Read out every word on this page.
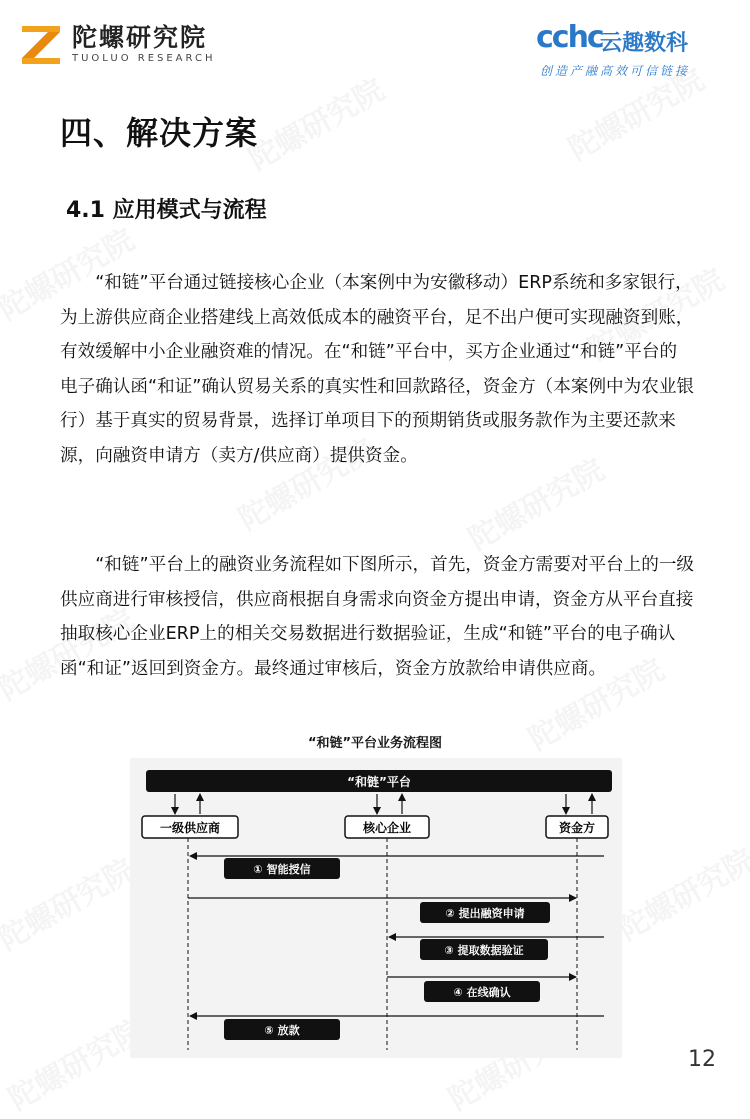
陀螺研究院
TUOLUO RESEARCH
cchc
云趣数科
创造产融高效可信链接
四、解决方案
4.1 应用模式与流程

“和链”平台通过链接核心企业（本案例中为安徽移动）ERP系统和多家银行，为上游供应商企业搭建线上高效低成本的融资平台，足不出户便可实现融资到账，有效缓解中小企业融资难的情况。在“和链”平台中，买方企业通过“和链”平台的电子确认函“和证”确认贸易关系的真实性和回款路径，资金方（本案例中为农业银行）基于真实的贸易背景，选择订单项目下的预期销货或服务款作为主要还款来源，向融资申请方（卖方/供应商）提供资金。

“和链”平台上的融资业务流程如下图所示，首先，资金方需要对平台上的一级供应商进行审核授信，供应商根据自身需求向资金方提出申请，资金方从平台直接抽取核心企业ERP上的相关交易数据进行数据验证，生成“和链”平台的电子确认函“和证”返回到资金方。最终通过审核后，资金方放款给申请供应商。

“和链”平台业务流程图
“和链”平台
一级供应商	核心企业	资金方
① 智能授信
② 提出融资申请
③ 提取数据验证
④ 在线确认
⑤ 放款
12
